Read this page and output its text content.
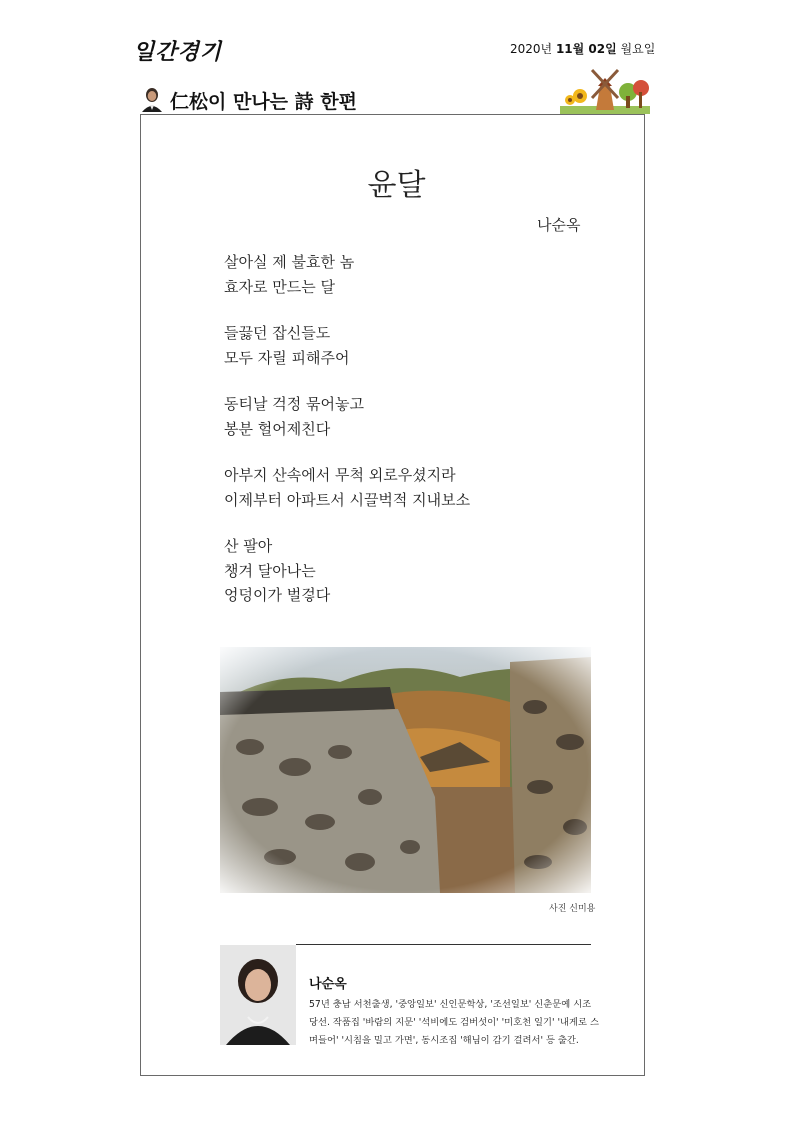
일간경기	2020년 11월 02일 월요일
仁松이 만나는 詩 한편
윤달
나순옥
살아실 제 불효한 놈
효자로 만드는 달
들끓던 잡신들도
모두 자릴 피해주어
동티날 걱정 묶어놓고
봉분 헐어제친다
아부지 산속에서 무척 외로우셨지라
이제부터 아파트서 시끌벅적 지내보소
산 팔아
챙겨 달아나는
엉덩이가 벌겋다
사진 신미용
나순옥
57년 충남 서천출생, '중앙일보' 신인문학상, '조선일보' 신춘문예 시조 당선. 작품집 '바람의 지문' '석비에도 검버섯이' '미호천 일기' '내게로 스며들어' '시침을 밀고 가면', 동시조집 '해님이 감기 걸려서' 등 출간.
